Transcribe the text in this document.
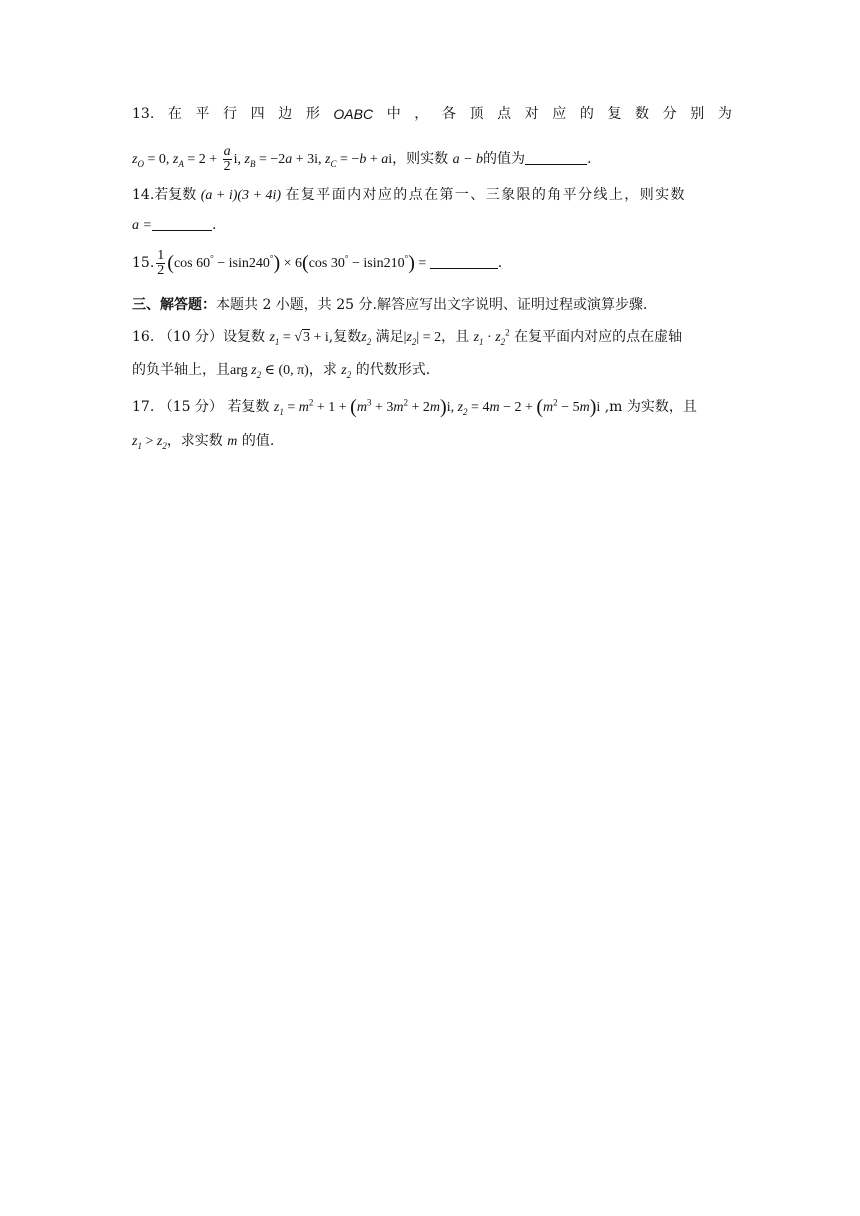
13. 在 平 行 四 边 形 OABC 中 ， 各 顶 点 对 应 的 复 数 分 别 为
$z_O = 0$, $z_A = 2 + \frac{a}{2} i$, $z_B = -2a + 3i$, $z_C = -b$ + ai，则实数 a − b的值为	.
14.若复数 (a + i)(3 + 4i) 在复平面内对应的点在第一、三象限的角平分线上，则实数
a =	.
15. $\frac{1}{2} (\cos$ 60° − isin240°) × 6(cos 30° − isin210°) =	.
三、解答题：本题共 2 小题，共 25 分.解答应写出文字说明、证明过程或演算步骤.
16. （10 分）设复数 $z_1 = √3 + i$,复数$z_2$ 满足$|z_2| = 2$，且 $z_1 \cdot z_2^2$ 在复平面内对应的点在虚轴
的负半轴上，且arg $z_2$ ∈ (0, π)，求 $z_2$ 的代数形式.
17. （15 分） 若复数 $z_1 = m^2 + 1 + (m^3 + 3m^2 + 2m)i$, $z_2 = 4m - 2 + (m^2 - 5m)i$ ,m 为实数，且
$z_1 > z_2$，求实数 m 的值.
